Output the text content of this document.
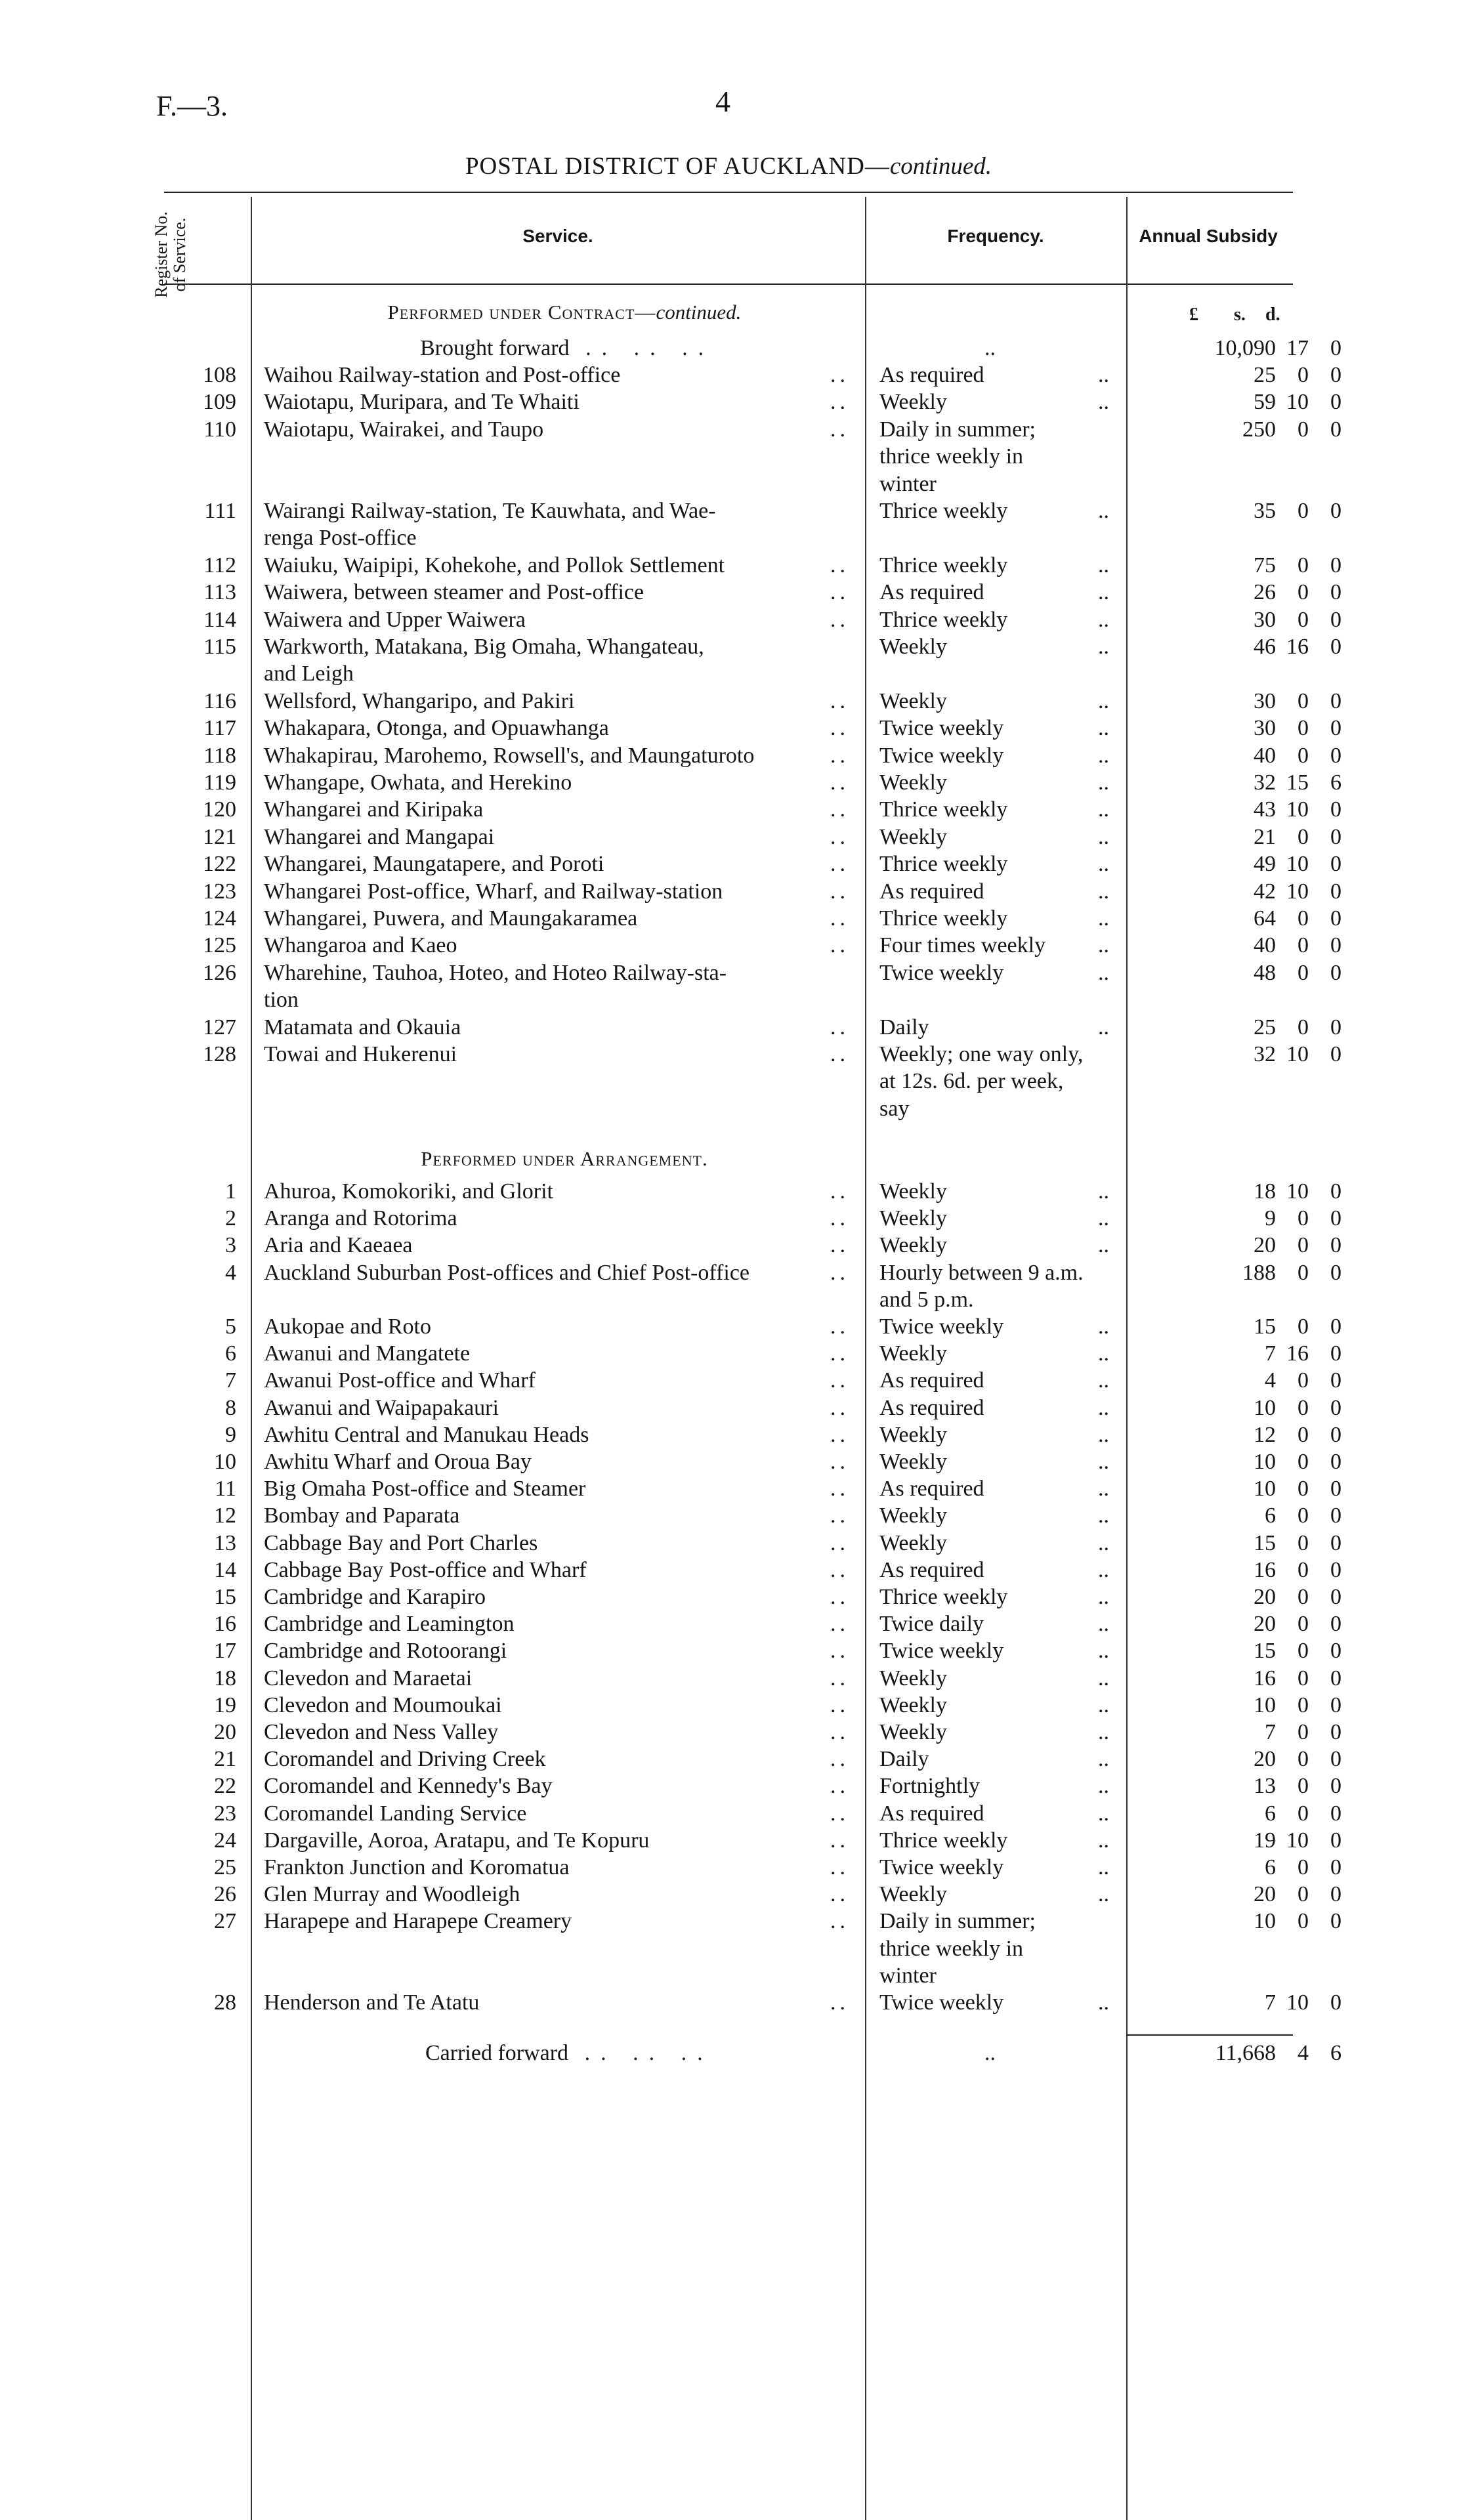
F.—3.	4
POSTAL DISTRICT OF AUCKLAND—continued.
Register No. of Service.	Service.	Frequency.	Annual Subsidy
Performed under Contract—continued.	£ s. d.
Brought forward .. .. ..	..	10,090 17 0
108 Waihou Railway-station and Post-office	.. As required	..	25 0 0
109 Waiotapu, Muripara, and Te Whaiti	.. Weekly	..	59 10 0
110 Waiotapu, Wairakei, and Taupo	.. Daily in summer;
thrice weekly in
winter
250 0 0
111 Wairangi Railway-station, Te Kauwhata, and Wae-
renga Post-office
Thrice weekly	..	35 0 0
112 Waiuku, Waipipi, Kohekohe, and Pollok Settlement	.. Thrice weekly	..	75 0 0
113 Waiwera, between steamer and Post-office	.. As required	..	26 0 0
114 Waiwera and Upper Waiwera	.. Thrice weekly	..	30 0 0
115 Warkworth, Matakana, Big Omaha, Whangateau,
and Leigh
Weekly	..	46 16 0
116 Wellsford, Whangaripo, and Pakiri	.. Weekly	..	30 0 0
117 Whakapara, Otonga, and Opuawhanga	.. Twice weekly	..	30 0 0
118 Whakapirau, Marohemo, Rowsell's, and Maungaturoto	.. Twice weekly	..	40 0 0
119 Whangape, Owhata, and Herekino	.. Weekly	..	32 15 6
120 Whangarei and Kiripaka	.. Thrice weekly	..	43 10 0
121 Whangarei and Mangapai	.. Weekly	..	21 0 0
122 Whangarei, Maungatapere, and Poroti	.. Thrice weekly	..	49 10 0
123 Whangarei Post-office, Wharf, and Railway-station	.. As required	..	42 10 0
124 Whangarei, Puwera, and Maungakaramea	.. Thrice weekly	..	64 0 0
125 Whangaroa and Kaeo	.. Four times weekly ..	40 0 0
126 Wharehine, Tauhoa, Hoteo, and Hoteo Railway-sta-
tion
Twice weekly	..	48 0 0
127 Matamata and Okauia	.. Daily	..	25 0 0
128 Towai and Hukerenui	.. Weekly; one way only,
at 12s. 6d. per week,
say
32 10 0
Performed under Arrangement.
1 Ahuroa, Komokoriki, and Glorit	.. Weekly	..	18 10 0
2 Aranga and Rotorima	.. Weekly	..	9 0 0
3 Aria and Kaeaea	.. Weekly	..	20 0 0
4 Auckland Suburban Post-offices and Chief Post-office	.. Hourly between 9 a.m.
and 5 p.m.
188 0 0
5 Aukopae and Roto	.. Twice weekly	..	15 0 0
6 Awanui and Mangatete	.. Weekly	..	7 16 0
7 Awanui Post-office and Wharf	.. As required	..	4 0 0
8 Awanui and Waipapakauri	.. As required	..	10 0 0
9 Awhitu Central and Manukau Heads	.. Weekly	..	12 0 0
10 Awhitu Wharf and Oroua Bay	.. Weekly	..	10 0 0
11 Big Omaha Post-office and Steamer	.. As required	..	10 0 0
12 Bombay and Paparata	.. Weekly	..	6 0 0
13 Cabbage Bay and Port Charles	.. Weekly	..	15 0 0
14 Cabbage Bay Post-office and Wharf	.. As required	..	16 0 0
15 Cambridge and Karapiro	.. Thrice weekly	..	20 0 0
16 Cambridge and Leamington	.. Twice daily	..	20 0 0
17 Cambridge and Rotoorangi	.. Twice weekly	..	15 0 0
18 Clevedon and Maraetai	.. Weekly	..	16 0 0
19 Clevedon and Moumoukai	.. Weekly	..	10 0 0
20 Clevedon and Ness Valley	.. Weekly	..	7 0 0
21 Coromandel and Driving Creek	.. Daily	..	20 0 0
22 Coromandel and Kennedy's Bay	.. Fortnightly	..	13 0 0
23 Coromandel Landing Service	.. As required	..	6 0 0
24 Dargaville, Aoroa, Aratapu, and Te Kopuru	.. Thrice weekly	..	19 10 0
25 Frankton Junction and Koromatua	.. Twice weekly	..	6 0 0
26 Glen Murray and Woodleigh	.. Weekly	..	20 0 0
27 Harapepe and Harapepe Creamery	.. Daily in summer;
thrice weekly in
winter
10 0 0
28 Henderson and Te Atatu	.. Twice weekly	..	7 10 0
Carried forward .. .. ..	..	11,668 4 6
